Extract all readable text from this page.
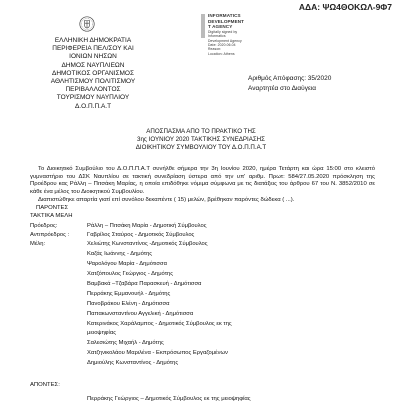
ΑΔΑ: ΨΩ4ΘΟΚΩΛ-9Φ7
INFORMATICS
DEVELOPMENT
T AGENCY
Digitally signed by
Informatics
Development Agency
Date: 2020.06.04
Reason:
Location: Athens
ΕΛΛΗΝΙΚΗ ΔΗΜΟΚΡΑΤΙΑ
ΠΕΡΙΦΕΡΕΙΑ ΠΕΛ/ΣΟΥ ΚΑΙ
ΙΟΝΙΩΝ ΝΗΣΩΝ
ΔΗΜΟΣ ΝΑΥΠΛΙΕΩΝ
ΔΗΜΟΤΙΚΟΣ ΟΡΓΑΝΙΣΜΟΣ
ΑΘΛΗΤΙΣΜΟΥ ΠΟΛΙΤΙΣΜΟΥ
ΠΕΡΙΒΑΛΛΟΝΤΟΣ
ΤΟΥΡΙΣΜΟΥ ΝΑΥΠΛΙΟΥ
Δ.Ο.Π.Π.Α.Τ
Αριθμός Απόφασης: 35/2020
Αναρτητέα στο Διαύγεια
ΑΠΟΣΠΑΣΜΑ ΑΠΟ ΤΟ ΠΡΑΚΤΙΚΟ ΤΗΣ
3ης ΙΟΥΝΙΟΥ 2020 ΤΑΚΤΙΚΗΣ ΣΥΝΕΔΡΙΑΣΗΣ
ΔΙΟΙΚΗΤΙΚΟΥ ΣΥΜΒΟΥΛΙΟΥ ΤΟΥ Δ.Ο.Π.Π.Α.Τ
Το Διοικητικό Συμβούλιο του Δ.Ο.Π.Π.Α.Τ συνήλθε σήμερα την 3η Ιουνίου 2020, ημέρα Τετάρτη και ώρα 15:00 στο κλειστό γυμναστήριο του ΔΣΚ Ναυπλίου σε τακτική συνεδρίαση ύστερα από την υπ' αριθμ. Πρωτ: 584/27.05.2020 πρόσκληση της Προέδρου κας Ράλλη – Πιτσάκη Μαρίας, η οποία επιδόθηκε νόμιμα σύμφωνα με τις διατάξεις του άρθρου 67 του Ν. 3852/2010 σε κάθε ένα μέλος του Διοικητικού Συμβουλίου.
Διαπιστώθηκε απαρτία γιατί επί συνόλου δεκαπέντε ( 15) μελών, βρέθηκαν παρόντες δώδεκα ( ...).
ΠΑΡΟΝΤΕΣ
ΤΑΚΤΙΚΑ ΜΕΛΗ
Πρόεδρος:	Ράλλη – Πιτσάκη Μαρία - Δημοτική Σύμβουλος
Αντιπρόεδρος :	Γαβρίλος Σταύρος - Δημοτικός Σύμβουλος
Μέλη:	Χελιώτης Κωνσταντίνος -Δημοτικός Σύμβουλος
Καζάς Ιωάννης - Δημότης
Ψαρολόγου Μαρία - Δημότισσα
Χατζόπουλος Γεώργιος - Δημότης
Βαμβακά –Τζαβάρα Παρασκευή - Δημότισσα
Περράκης Εμμανουήλ - Δημότης
Πανοβράκου Ελένη - Δημότισσα
Παπακωνσταντίνου Αγγελική - Δημότισσα
Κατερινάκος Χαράλαμπος - Δημοτικός Σύμβουλος εκ της
μειοψηφίας
Σαλεσιώτης Μιχαήλ - Δημότης
Χατζηνικολάου Μαριλένα - Εκπρόσωπος Εργαζομένων
Δημιούλης Κωνσταντίνος - Δημότης
ΑΠΟΝΤΕΣ:
Περράκης Γεώργιος – Δημοτικός Σύμβουλος εκ της μειοψηφίας
